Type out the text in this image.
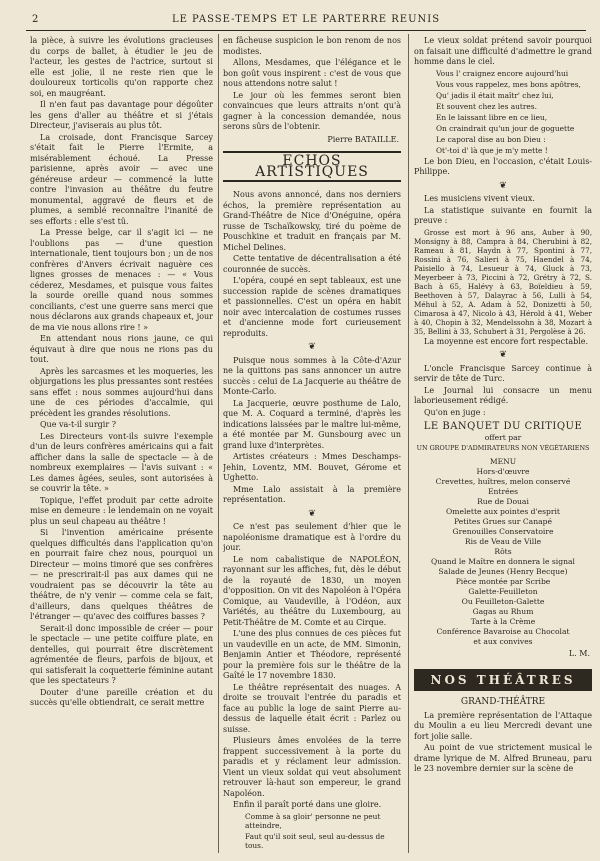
2	LE PASSE-TEMPS ET LE PARTERRE REUNIS

la pièce, à suivre les évolutions gracieuses du corps de ballet, à étudier le jeu de l'acteur, les gestes de l'actrice, surtout si elle est jolie, il ne reste rien que le douloureux torticolis qu'on rapporte chez soi, en maugréant.

Il n'en faut pas davantage pour dégoûter les gens d'aller au théâtre et si j'étais Directeur, j'aviserais au plus tôt.

La croisade, dont Francisque Sarcey s'était fait le Pierre l'Ermite, a misérablement échoué. La Presse parisienne, après avoir — avec une généreuse ardeur — commencé la lutte contre l'invasion au théâtre du feutre monumental, aggravé de fleurs et de plumes, a semblé reconnaître l'inanité de ses efforts : elle s'est tû.

La Presse belge, car il s'agit ici — ne l'oublions pas — d'une question internationale, tient toujours bon ; un de nos confrères d'Anvers écrivait naguère ces lignes grosses de menaces : — « Vous céderez, Mesdames, et puisque vous faites la sourde oreille quand nous sommes conciliants, c'est une guerre sans merci que nous déclarons aux grands chapeaux et, jour de ma vie nous allons rire ! »

En attendant nous rions jaune, ce qui équivaut à dire que nous ne rions pas du tout.

Après les sarcasmes et les moqueries, les objurgations les plus pressantes sont restées sans effet : nous sommes aujourd'hui dans une de ces périodes d'accalmie, qui précèdent les grandes résolutions.

Que va-t-il surgir ?

Les Directeurs vont-ils suivre l'exemple d'un de leurs confrères américains qui a fait afficher dans la salle de spectacle — à de nombreux exemplaires — l'avis suivant : « Les dames âgées, seules, sont autorisées à se couvrir la tête. »

Topique, l'effet produit par cette adroite mise en demeure : le lendemain on ne voyait plus un seul chapeau au théâtre !

Si l'invention américaine présente quelques difficultés dans l'application qu'on en pourrait faire chez nous, pourquoi un Directeur — moins timoré que ses confrères — ne prescrirait-il pas aux dames qui ne voudraient pas se découvrir la tête au théâtre, de n'y venir — comme cela se fait, d'ailleurs, dans quelques théâtres de l'étranger — qu'avec des coiffures basses ?

Serait-il donc impossible de créer — pour le spectacle — une petite coiffure plate, en dentelles, qui pourrait être discrètement agrémentée de fleurs, parfois de bijoux, et qui satisferait la coquetterie féminine autant que les spectateurs ?

Douter d'une pareille création et du succès qu'elle obtiendrait, ce serait mettre

en fâcheuse suspicion le bon renom de nos modistes.

Allons, Mesdames, que l'élégance et le bon goût vous inspirent : c'est de vous que nous attendons notre salut !

Le jour où les femmes seront bien convaincues que leurs attraits n'ont qu'à gagner à la concession demandée, nous serons sûrs de l'obtenir.

Pierre BATAILLE.
ECHOS ARTISTIQUES

Nous avons annoncé, dans nos derniers échos, la première représentation au Grand-Théâtre de Nice d'Onéguine, opéra russe de Tschaïkowsky, tiré du poème de Pouschkine et traduit en français par M. Michel Delines.

Cette tentative de décentralisation a été couronnée de succès.

L'opéra, coupé en sept tableaux, est une succession rapide de scènes dramatiques et passionnelles. C'est un opéra en habit noir avec intercalation de costumes russes et d'ancienne mode fort curieusement reproduits.

❦

Puisque nous sommes à la Côte-d'Azur ne la quittons pas sans annoncer un autre succès : celui de La Jacquerie au théâtre de Monte-Carlo.

La Jacquerie, œuvre posthume de Lalo, que M. A. Coquard a terminé, d'après les indications laissées par le maître lui-même, a été montée par M. Gunsbourg avec un grand luxe d'interprètes.

Artistes créateurs : Mmes Deschamps-Jehin, Loventz, MM. Bouvet, Gérome et Ughetto.

Mme Lalo assistait à la première représentation.

❦

Ce n'est pas seulement d'hier que le napoléonisme dramatique est à l'ordre du jour.

Le nom cabalistique de NAPOLÉON, rayonnant sur les affiches, fut, dès le début de la royauté de 1830, un moyen d'opposition. On vit des Napoléon à l'Opéra Comique, au Vaudeville, à l'Odéon, aux Variétés, au théâtre du Luxembourg, au Petit-Théâtre de M. Comte et au Cirque.

L'une des plus connues de ces pièces fut un vaudeville en un acte, de MM. Simonin, Benjamin Antier et Théodore, représenté pour la première fois sur le théâtre de la Gaîté le 17 novembre 1830.

Le théâtre représentait des nuages. A droite se trouvait l'entrée du paradis et face au public la loge de saint Pierre au-dessus de laquelle était écrit : Parlez ou suisse.

Plusieurs âmes envolées de la terre frappent successivement à la porte du paradis et y réclament leur admission. Vient un vieux soldat qui veut absolument retrouver là-haut son empereur, le grand Napoléon.

Enfin il paraît porté dans une gloire.

Comme à sa gloir' personne ne peut atteindre,
Faut qu'il soit seul, seul au-dessus de tous.

Le vieux soldat prétend savoir pourquoi on faisait une difficulté d'admettre le grand homme dans le ciel.

Vous l' craignez encore aujourd'hui
Vous vous rappelez, mes bons apôtres,
Qu' jadis il était maîtr' chez lui,
Et souvent chez les autres.
En le laissant libre en ce lieu,
On craindrait qu'un jour de goguette
Le caporal dise au bon Dieu :
Ot'-toi d' là que je m'y mette !

Le bon Dieu, en l'occasion, c'était Louis-Philippe.

❦

Les musiciens vivent vieux.

La statistique suivante en fournit la preuve :

Grosse est mort à 96 ans, Auber à 90, Monsigny à 88, Campra à 84, Cherubini à 82, Rameau à 81, Haydn à 77, Spontini à 77, Rossini à 76, Salieri à 75, Haendel à 74, Paisiello à 74, Lesueur à 74, Gluck à 73, Meyerbeer à 73, Piccini à 72, Grétry à 72, S. Bach à 65, Halévy à 63, Boïeldieu à 59, Beethoven à 57, Dalayrac à 56, Lulli à 54, Méhul à 52, A. Adam à 52, Donizetti à 50, Cimarosa à 47, Nicolo à 43, Hérold à 41, Weber à 40, Chopin à 32, Mendelssohn à 38, Mozart à 35, Bellini à 33, Schubert à 31, Pergolèse à 26.

La moyenne est encore fort respectable.

❦

L'oncle Francisque Sarcey continue à servir de tête de Turc.

Le Journal lui consacre un menu laborieusement rédigé.

Qu'on en juge :

LE BANQUET DU CRITIQUE
offert par
UN GROUPE D'ADMIRATEURS NON VÉGÉTARIENS
MENU
Hors-d'œuvre
Crevettes, huîtres, melon conservé
Entrées
Rue de Douai
Omelette aux pointes d'esprit
Petites Grues sur Canapé
Grenouilles Conservatoire
Ris de Veau de Ville
Rôts
Quand le Maître en donnera le signal
Salade de Jeunes (Henry Becque)
Pièce montée par Scribe
Galette-Feuilleton
Ou Feuilleton-Galette
Gagas au Rhum
Tarte à la Crème
Conférence Bavaroise au Chocolat
et aux convives
L. M.
NOS THÉÂTRES
GRAND-THÉÂTRE

La première représentation de l'Attaque du Moulin a eu lieu Mercredi devant une fort jolie salle.

Au point de vue strictement musical le drame lyrique de M. Alfred Bruneau, paru le 23 novembre dernier sur la scène de
